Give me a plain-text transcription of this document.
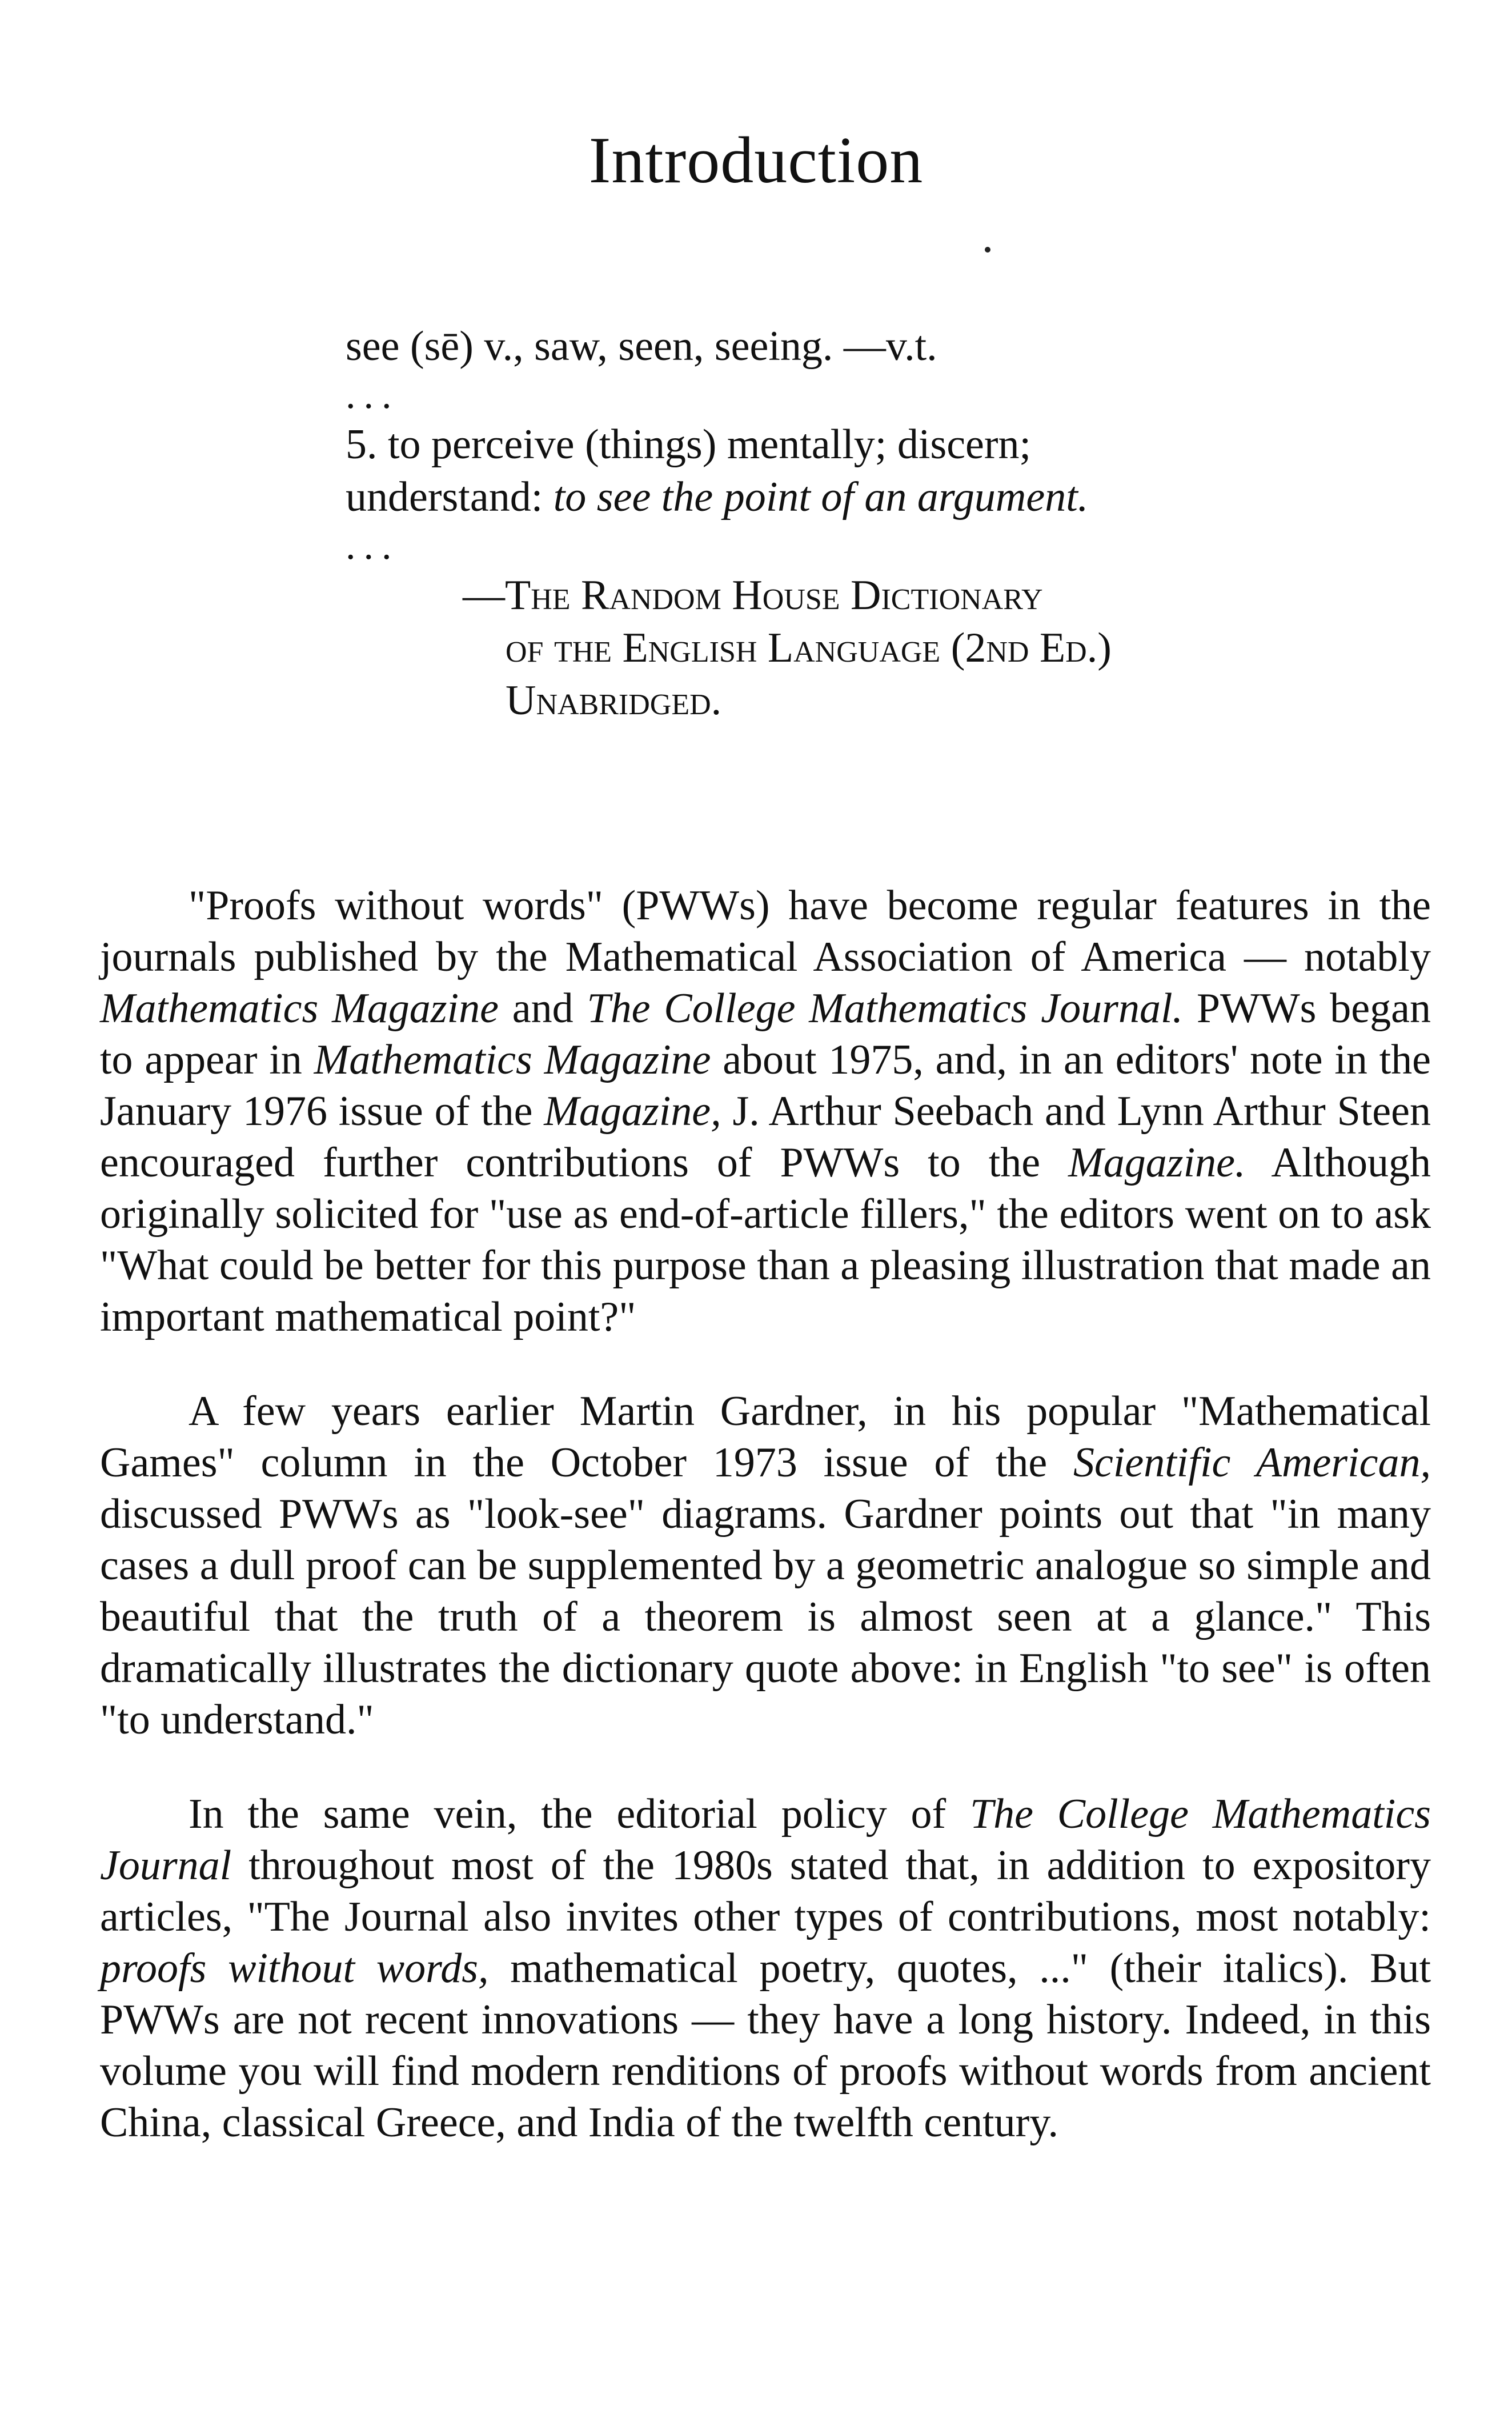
Introduction
see (sē) v., saw, seen, seeing. —v.t.
...
5. to perceive (things) mentally; discern;
understand: to see the point of an argument.
...
—The Random House Dictionary
of the English Language (2nd Ed.)
Unabridged.

"Proofs without words" (PWWs) have become regular features in the journals published by the Mathematical Association of America — notably Mathematics Magazine and The College Mathematics Journal. PWWs began to appear in Mathematics Magazine about 1975, and, in an editors' note in the January 1976 issue of the Magazine, J. Arthur Seebach and Lynn Arthur Steen encouraged further contributions of PWWs to the Magazine. Although originally solicited for "use as end-of-article fillers," the editors went on to ask "What could be better for this purpose than a pleasing illustration that made an important mathematical point?"

A few years earlier Martin Gardner, in his popular "Mathematical Games" column in the October 1973 issue of the Scientific American, discussed PWWs as "look-see" diagrams. Gardner points out that "in many cases a dull proof can be supplemented by a geometric analogue so simple and beautiful that the truth of a theorem is almost seen at a glance." This dramatically illustrates the dictionary quote above: in English "to see" is often "to understand."

In the same vein, the editorial policy of The College Mathematics Journal throughout most of the 1980s stated that, in addition to expository articles, "The Journal also invites other types of contributions, most notably: proofs without words, mathematical poetry, quotes, ..." (their italics). But PWWs are not recent innovations — they have a long history. Indeed, in this volume you will find modern renditions of proofs without words from ancient China, classical Greece, and India of the twelfth century.
